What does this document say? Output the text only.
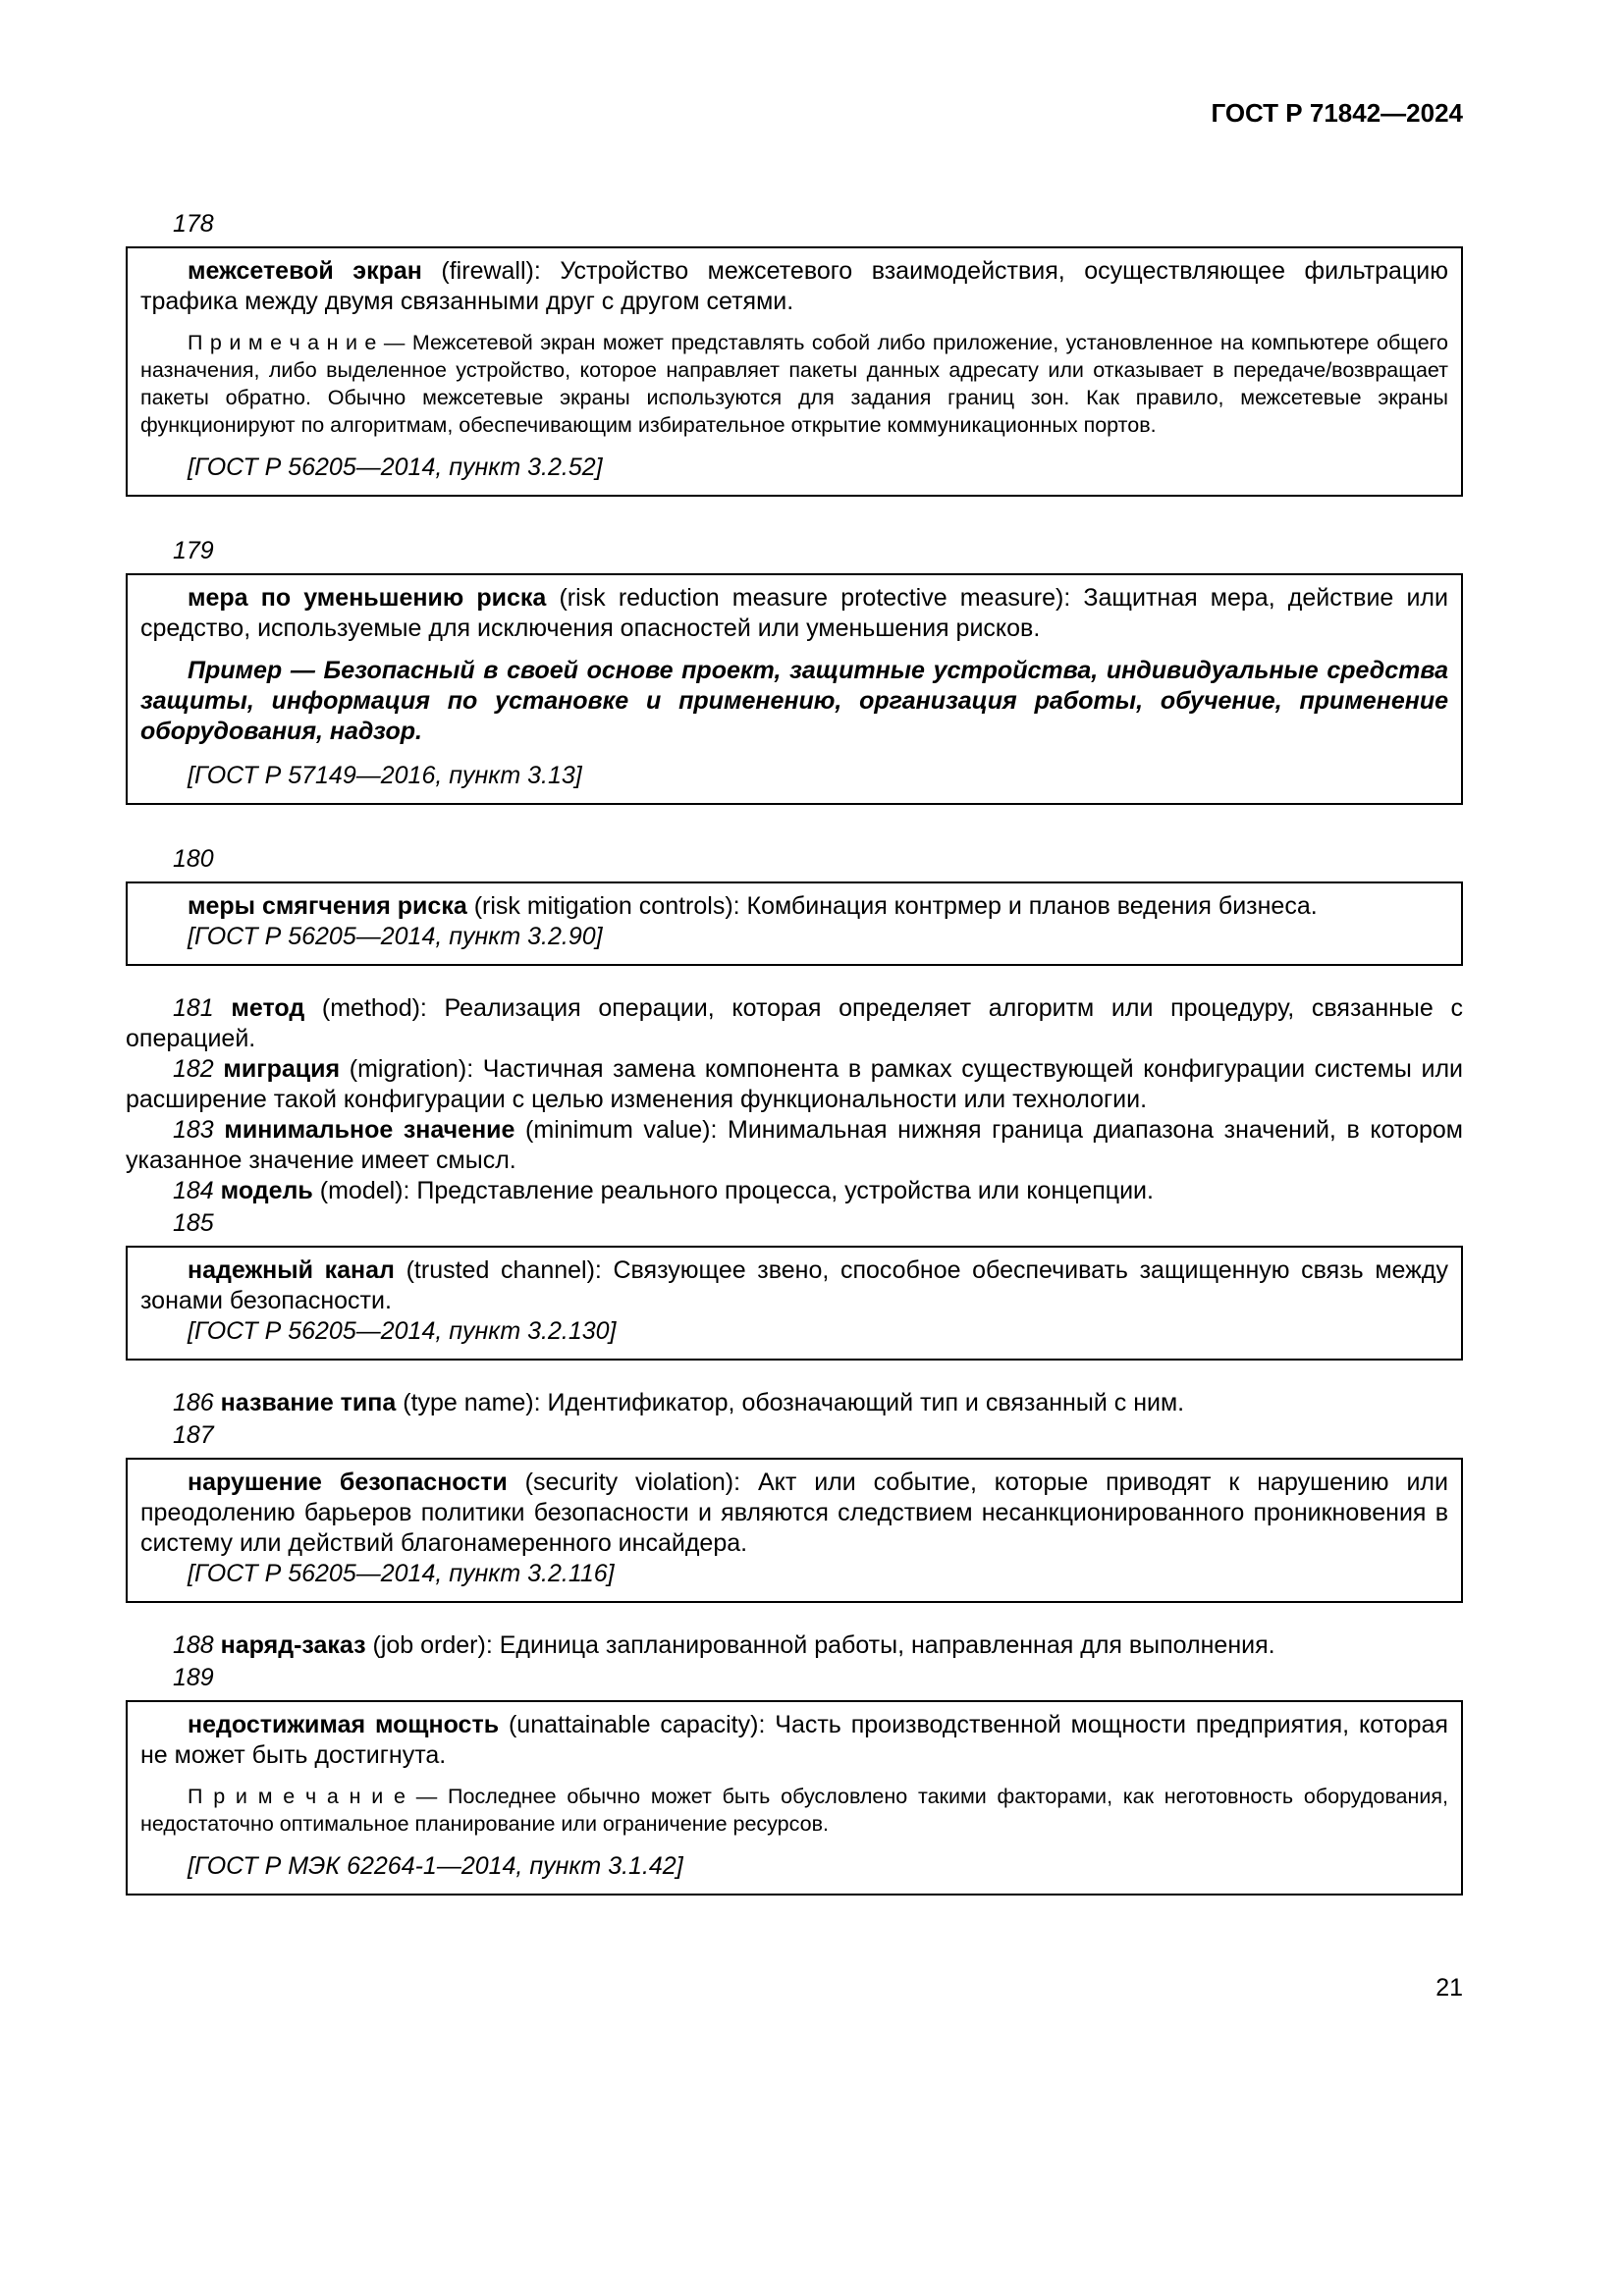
ГОСТ Р 71842—2024

178

межсетевой экран (firewall): Устройство межсетевого взаимодействия, осуществляющее фильтрацию трафика между двумя связанными друг с другом сетями.

П р и м е ч а н и е — Межсетевой экран может представлять собой либо приложение, установленное на компьютере общего назначения, либо выделенное устройство, которое направляет пакеты данных адресату или отказывает в передаче/возвращает пакеты обратно. Обычно межсетевые экраны используются для задания границ зон. Как правило, межсетевые экраны функционируют по алгоритмам, обеспечивающим избирательное открытие коммуникационных портов.

[ГОСТ Р 56205—2014, пункт 3.2.52]

179

мера по уменьшению риска (risk reduction measure protective measure): Защитная мера, действие или средство, используемые для исключения опасностей или уменьшения рисков.

Пример — Безопасный в своей основе проект, защитные устройства, индивидуальные средства защиты, информация по установке и применению, организация работы, обучение, применение оборудования, надзор.

[ГОСТ Р 57149—2016, пункт 3.13]

180

меры смягчения риска (risk mitigation controls): Комбинация контрмер и планов ведения бизнеса.

[ГОСТ Р 56205—2014, пункт 3.2.90]

181 метод (method): Реализация операции, которая определяет алгоритм или процедуру, связанные с операцией.

182 миграция (migration): Частичная замена компонента в рамках существующей конфигурации системы или расширение такой конфигурации с целью изменения функциональности или технологии.

183 минимальное значение (minimum value): Минимальная нижняя граница диапазона значений, в котором указанное значение имеет смысл.

184 модель (model): Представление реального процесса, устройства или концепции.

185

надежный канал (trusted channel): Связующее звено, способное обеспечивать защищенную связь между зонами безопасности.

[ГОСТ Р 56205—2014, пункт 3.2.130]

186 название типа (type name): Идентификатор, обозначающий тип и связанный с ним.

187

нарушение безопасности (security violation): Акт или событие, которые приводят к нарушению или преодолению барьеров политики безопасности и являются следствием несанкционированного проникновения в систему или действий благонамеренного инсайдера.

[ГОСТ Р 56205—2014, пункт 3.2.116]

188 наряд-заказ (job order): Единица запланированной работы, направленная для выполнения.

189

недостижимая мощность (unattainable capacity): Часть производственной мощности предприятия, которая не может быть достигнута.

П р и м е ч а н и е — Последнее обычно может быть обусловлено такими факторами, как неготовность оборудования, недостаточно оптимальное планирование или ограничение ресурсов.

[ГОСТ Р МЭК 62264-1—2014, пункт 3.1.42]

21
